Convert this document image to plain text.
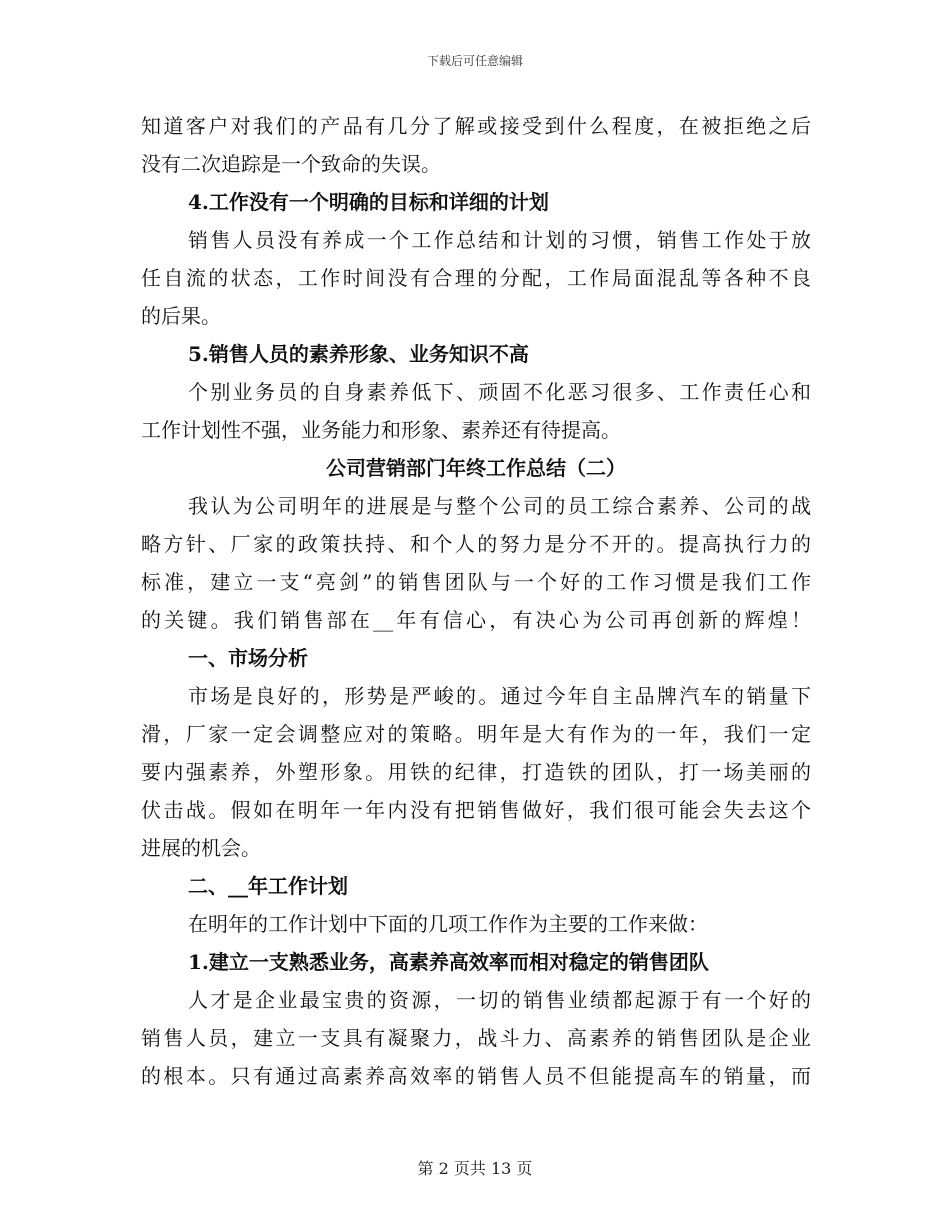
下载后可任意编辑
知道客户对我们的产品有几分了解或接受到什么程度，在被拒绝之后
没有二次追踪是一个致命的失误。
4.工作没有一个明确的目标和详细的计划
销售人员没有养成一个工作总结和计划的习惯，销售工作处于放
任自流的状态，工作时间没有合理的分配，工作局面混乱等各种不良
的后果。
5.销售人员的素养形象、业务知识不高
个别业务员的自身素养低下、顽固不化恶习很多、工作责任心和
工作计划性不强，业务能力和形象、素养还有待提高。
公司营销部门年终工作总结（二）
我认为公司明年的进展是与整个公司的员工综合素养、公司的战
略方针、厂家的政策扶持、和个人的努力是分不开的。提高执行力的
标准，建立一支“亮剑”的销售团队与一个好的工作习惯是我们工作
的关键。我们销售部在__年有信心，有决心为公司再创新的辉煌！
一、市场分析
市场是良好的，形势是严峻的。通过今年自主品牌汽车的销量下
滑，厂家一定会调整应对的策略。明年是大有作为的一年，我们一定
要内强素养，外塑形象。用铁的纪律，打造铁的团队，打一场美丽的
伏击战。假如在明年一年内没有把销售做好，我们很可能会失去这个
进展的机会。
二、__年工作计划
在明年的工作计划中下面的几项工作作为主要的工作来做：
1.建立一支熟悉业务，高素养高效率而相对稳定的销售团队
人才是企业最宝贵的资源，一切的销售业绩都起源于有一个好的
销售人员，建立一支具有凝聚力，战斗力、高素养的销售团队是企业
的根本。只有通过高素养高效率的销售人员不但能提高车的销量，而
第 2 页共 13 页
